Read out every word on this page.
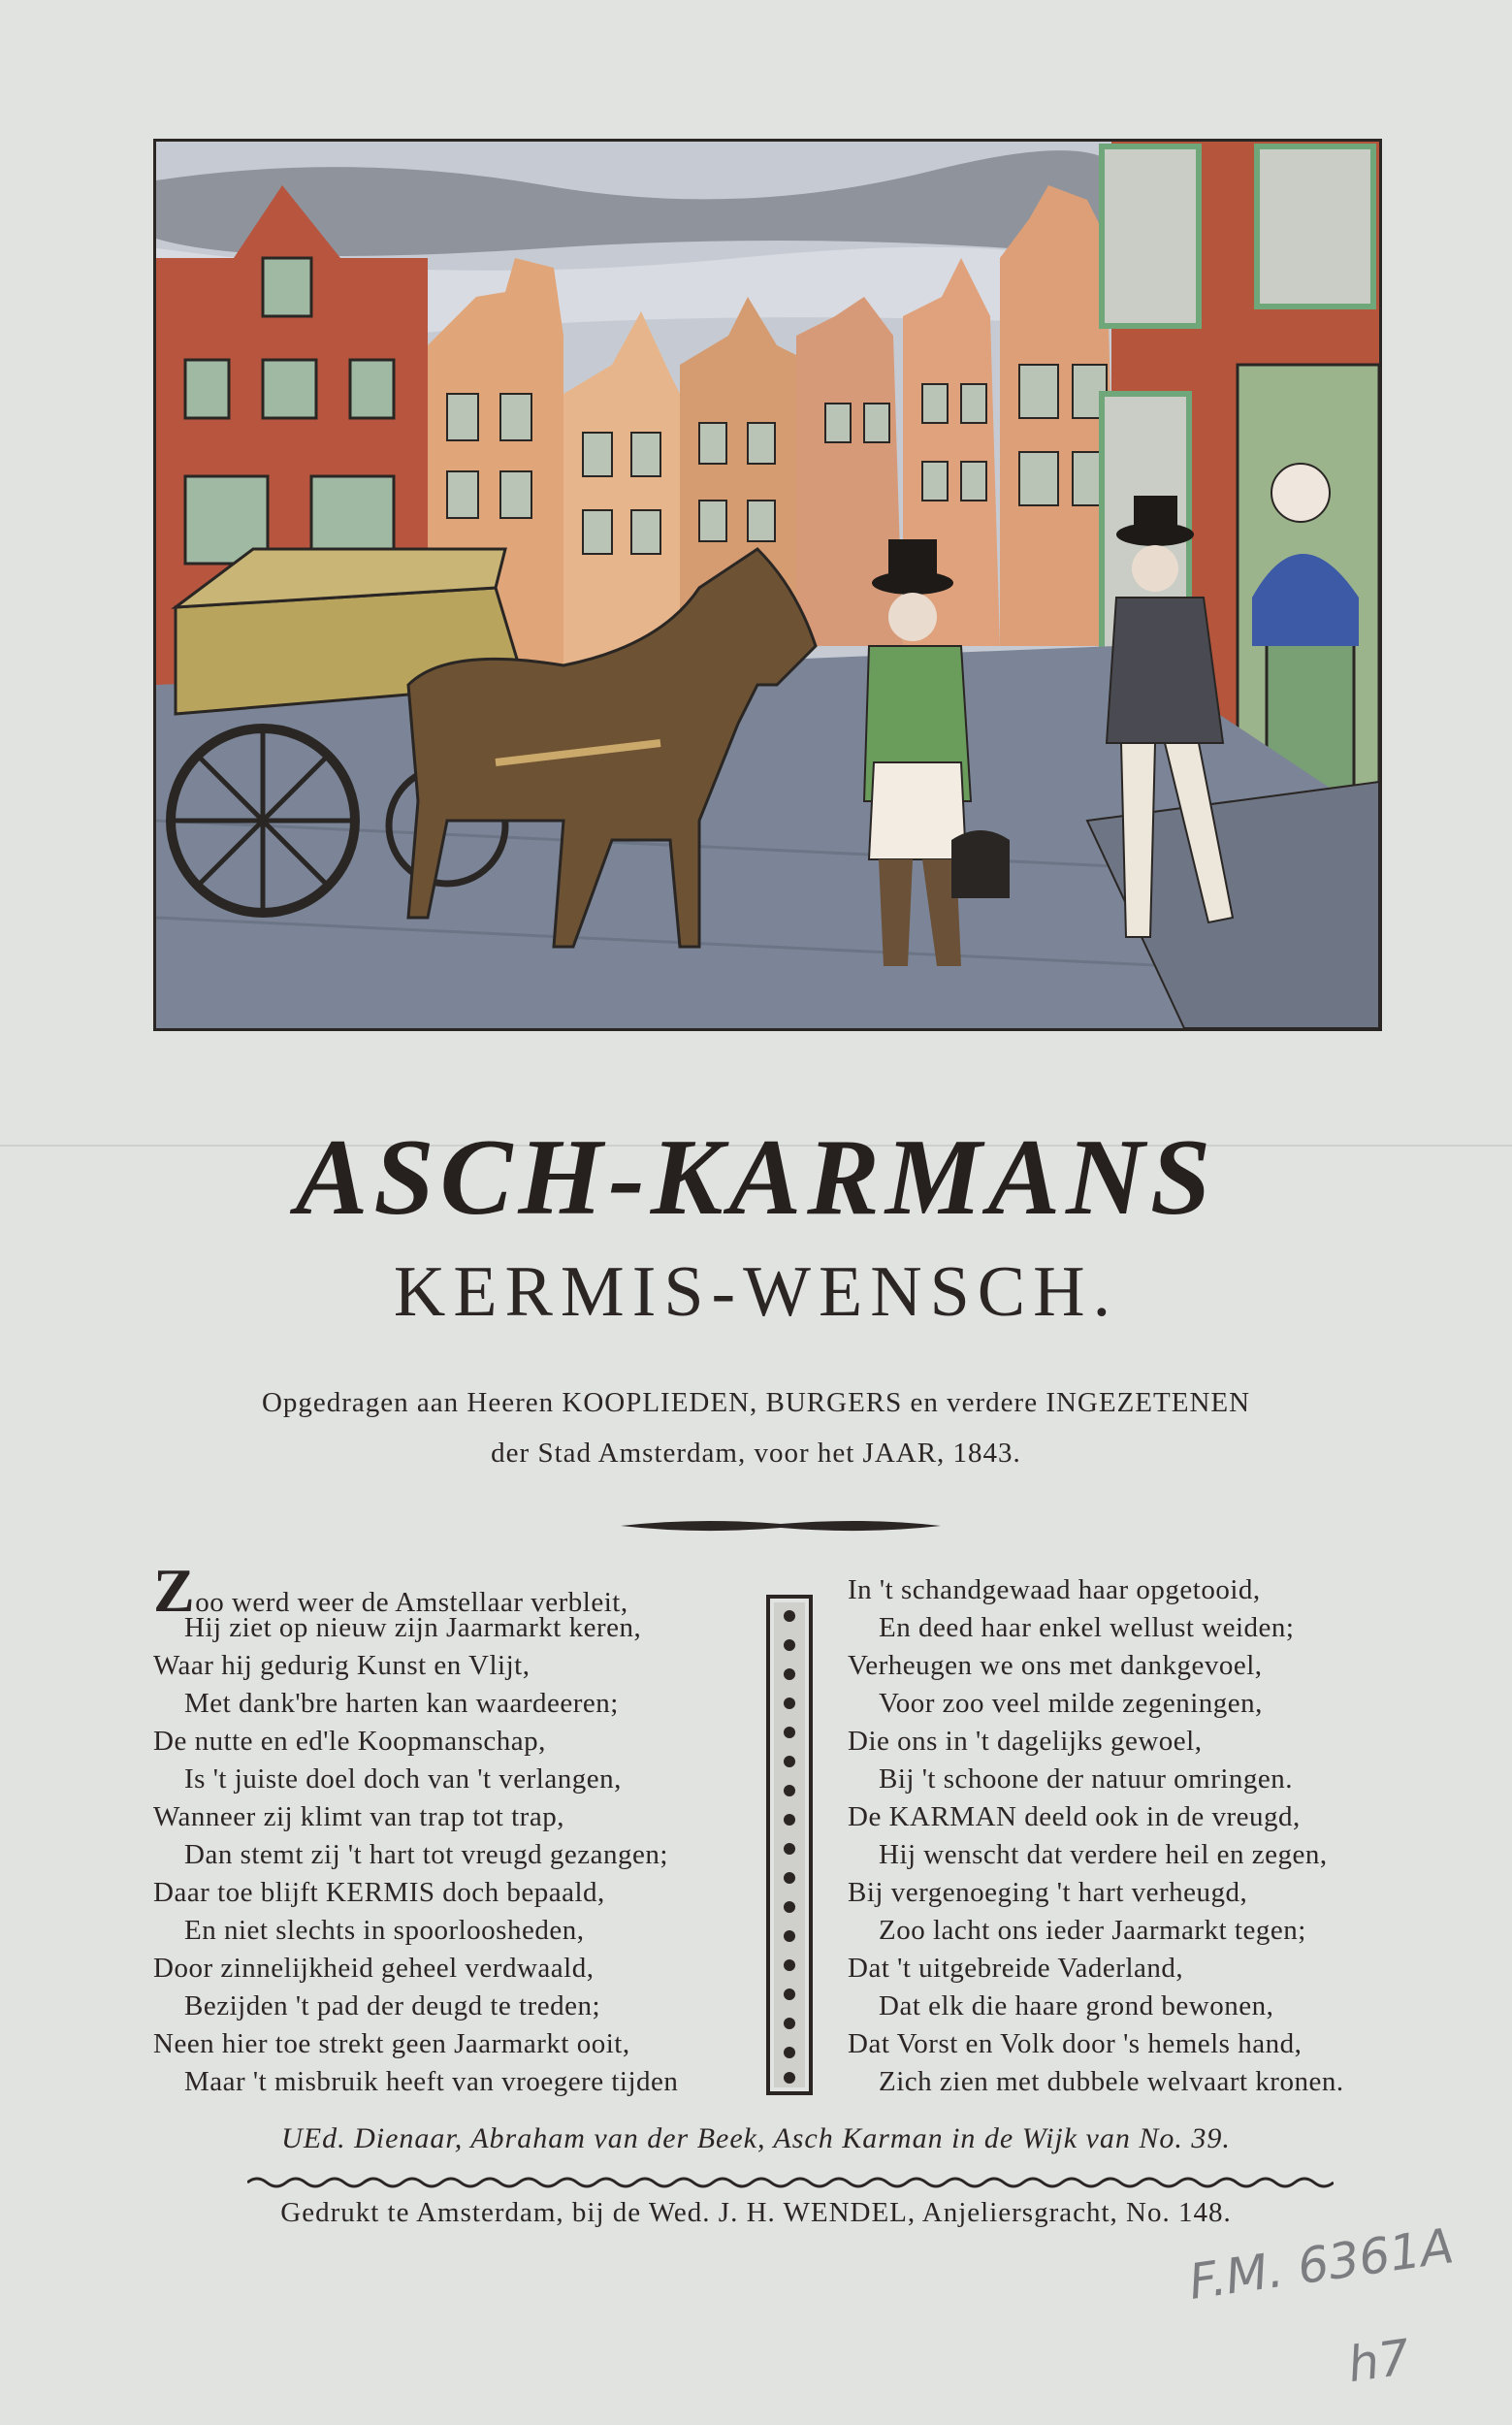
ASCH-KARMANS
KERMIS-WENSCH.
Opgedragen aan Heeren KOOPLIEDEN, BURGERS en verdere INGEZETENEN
der Stad Amsterdam, voor het JAAR, 1843.
Zoo werd weer de Amstellaar verbleit,
Hij ziet op nieuw zijn Jaarmarkt keren,
Waar hij gedurig Kunst en Vlijt,
Met dank'bre harten kan waardeeren;
De nutte en ed'le Koopmanschap,
Is 't juiste doel doch van 't verlangen,
Wanneer zij klimt van trap tot trap,
Dan stemt zij 't hart tot vreugd gezangen;
Daar toe blijft KERMIS doch bepaald,
En niet slechts in spoorloosheden,
Door zinnelijkheid geheel verdwaald,
Bezijden 't pad der deugd te treden;
Neen hier toe strekt geen Jaarmarkt ooit,
Maar 't misbruik heeft van vroegere tijden
In 't schandgewaad haar opgetooid,
En deed haar enkel wellust weiden;
Verheugen we ons met dankgevoel,
Voor zoo veel milde zegeningen,
Die ons in 't dagelijks gewoel,
Bij 't schoone der natuur omringen.
De KARMAN deeld ook in de vreugd,
Hij wenscht dat verdere heil en zegen,
Bij vergenoeging 't hart verheugd,
Zoo lacht ons ieder Jaarmarkt tegen;
Dat 't uitgebreide Vaderland,
Dat elk die haare grond bewonen,
Dat Vorst en Volk door 's hemels hand,
Zich zien met dubbele welvaart kronen.
UEd. Dienaar, Abraham van der Beek, Asch Karman in de Wijk van No. 39.
Gedrukt te Amsterdam, bij de Wed. J. H. WENDEL, Anjeliersgracht, No. 148.
F.M. 6361A
h7
